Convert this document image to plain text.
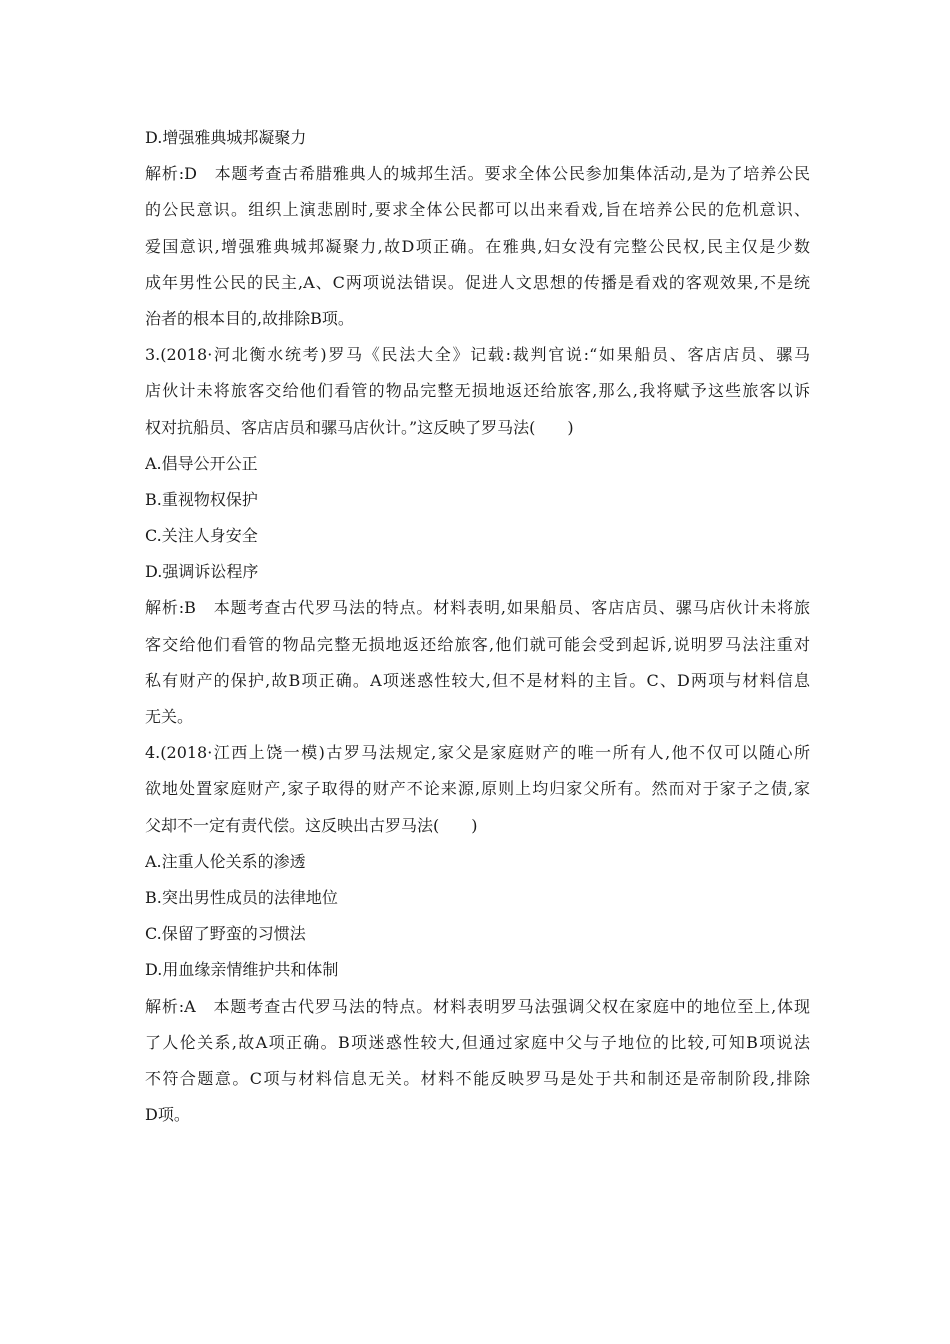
D.增强雅典城邦凝聚力

解析:D　本题考查古希腊雅典人的城邦生活。要求全体公民参加集体活动,是为了培养公民

的公民意识。组织上演悲剧时,要求全体公民都可以出来看戏,旨在培养公民的危机意识、

爱国意识,增强雅典城邦凝聚力,故D项正确。在雅典,妇女没有完整公民权,民主仅是少数

成年男性公民的民主,A、C两项说法错误。促进人文思想的传播是看戏的客观效果,不是统

治者的根本目的,故排除B项。

3.(2018·河北衡水统考)罗马《民法大全》记载:裁判官说:“如果船员、客店店员、骡马

店伙计未将旅客交给他们看管的物品完整无损地返还给旅客,那么,我将赋予这些旅客以诉

权对抗船员、客店店员和骡马店伙计。”这反映了罗马法(　　)

A.倡导公开公正

B.重视物权保护

C.关注人身安全

D.强调诉讼程序

解析:B　本题考查古代罗马法的特点。材料表明,如果船员、客店店员、骡马店伙计未将旅

客交给他们看管的物品完整无损地返还给旅客,他们就可能会受到起诉,说明罗马法注重对

私有财产的保护,故B项正确。A项迷惑性较大,但不是材料的主旨。C、D两项与材料信息

无关。

4.(2018·江西上饶一模)古罗马法规定,家父是家庭财产的唯一所有人,他不仅可以随心所

欲地处置家庭财产,家子取得的财产不论来源,原则上均归家父所有。然而对于家子之债,家

父却不一定有责代偿。这反映出古罗马法(　　)

A.注重人伦关系的渗透

B.突出男性成员的法律地位

C.保留了野蛮的习惯法

D.用血缘亲情维护共和体制

解析:A　本题考查古代罗马法的特点。材料表明罗马法强调父权在家庭中的地位至上,体现

了人伦关系,故A项正确。B项迷惑性较大,但通过家庭中父与子地位的比较,可知B项说法

不符合题意。C项与材料信息无关。材料不能反映罗马是处于共和制还是帝制阶段,排除

D项。
